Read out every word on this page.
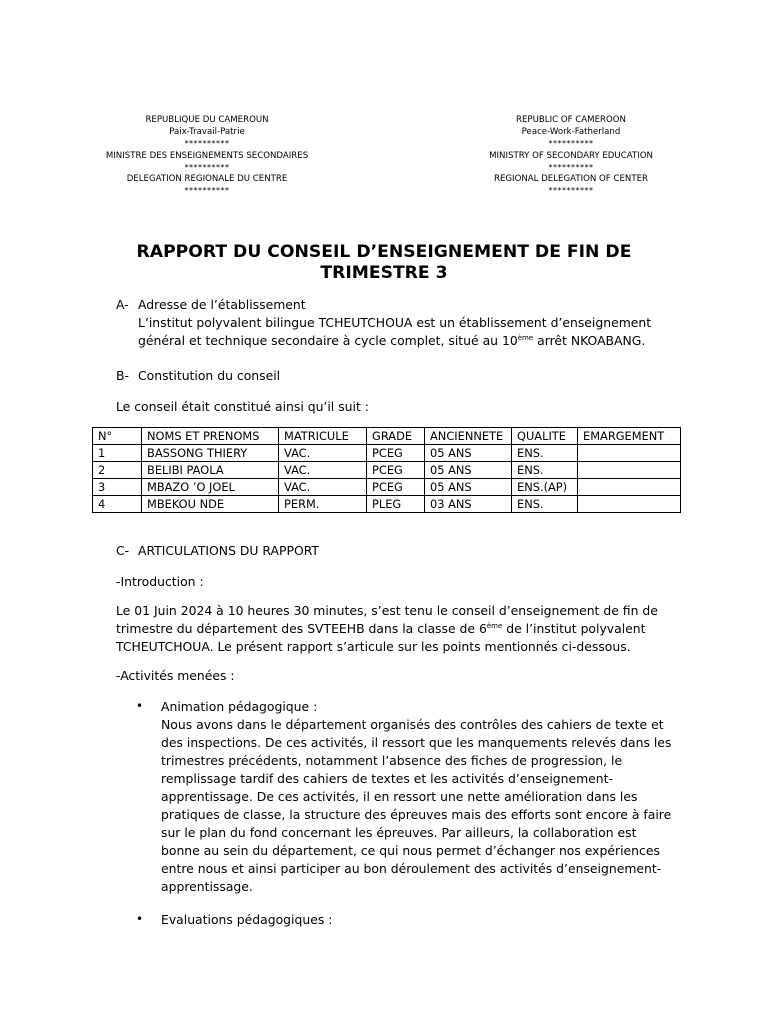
REPUBLIQUE DU CAMEROUN
Paix-Travail-Patrie
**********
MINISTRE DES ENSEIGNEMENTS SECONDAIRES
**********
DELEGATION REGIONALE DU CENTRE
**********
REPUBLIC OF CAMEROON
Peace-Work-Fatherland
**********
MINISTRY OF SECONDARY EDUCATION
**********
REGIONAL DELEGATION OF CENTER
**********
RAPPORT DU CONSEIL D’ENSEIGNEMENT DE FIN DE
TRIMESTRE 3
A- Adresse de l’établissement
L’institut polyvalent bilingue TCHEUTCHOUA est un établissement d’enseignement
général et technique secondaire à cycle complet, situé au 10ème arrêt NKOABANG.
B- Constitution du conseil
Le conseil était constitué ainsi qu’il suit :
N°	NOMS ET PRENOMS	MATRICULE	GRADE	ANCIENNETE	QUALITE	EMARGEMENT
1	BASSONG THIERY	VAC.	PCEG	05 ANS	ENS.	
2	BELIBI PAOLA	VAC.	PCEG	05 ANS	ENS.	
3	MBAZO ’O JOEL	VAC.	PCEG	05 ANS	ENS.(AP)	
4	MBEKOU NDE	PERM.	PLEG	03 ANS	ENS.	
C- ARTICULATIONS DU RAPPORT
-Introduction :
Le 01 Juin 2024 à 10 heures 30 minutes, s’est tenu le conseil d’enseignement de fin de
trimestre du département des SVTEEHB dans la classe de 6ème de l’institut polyvalent
TCHEUTCHOUA. Le présent rapport s’articule sur les points mentionnés ci-dessous.
-Activités menées :
• Animation pédagogique :
Nous avons dans le département organisés des contrôles des cahiers de texte et
des inspections. De ces activités, il ressort que les manquements relevés dans les
trimestres précédents, notamment l’absence des fiches de progression, le
remplissage tardif des cahiers de textes et les activités d’enseignement-
apprentissage. De ces activités, il en ressort une nette amélioration dans les
pratiques de classe, la structure des épreuves mais des efforts sont encore à faire
sur le plan du fond concernant les épreuves. Par ailleurs, la collaboration est
bonne au sein du département, ce qui nous permet d’échanger nos expériences
entre nous et ainsi participer au bon déroulement des activités d’enseignement-
apprentissage.
• Evaluations pédagogiques :
